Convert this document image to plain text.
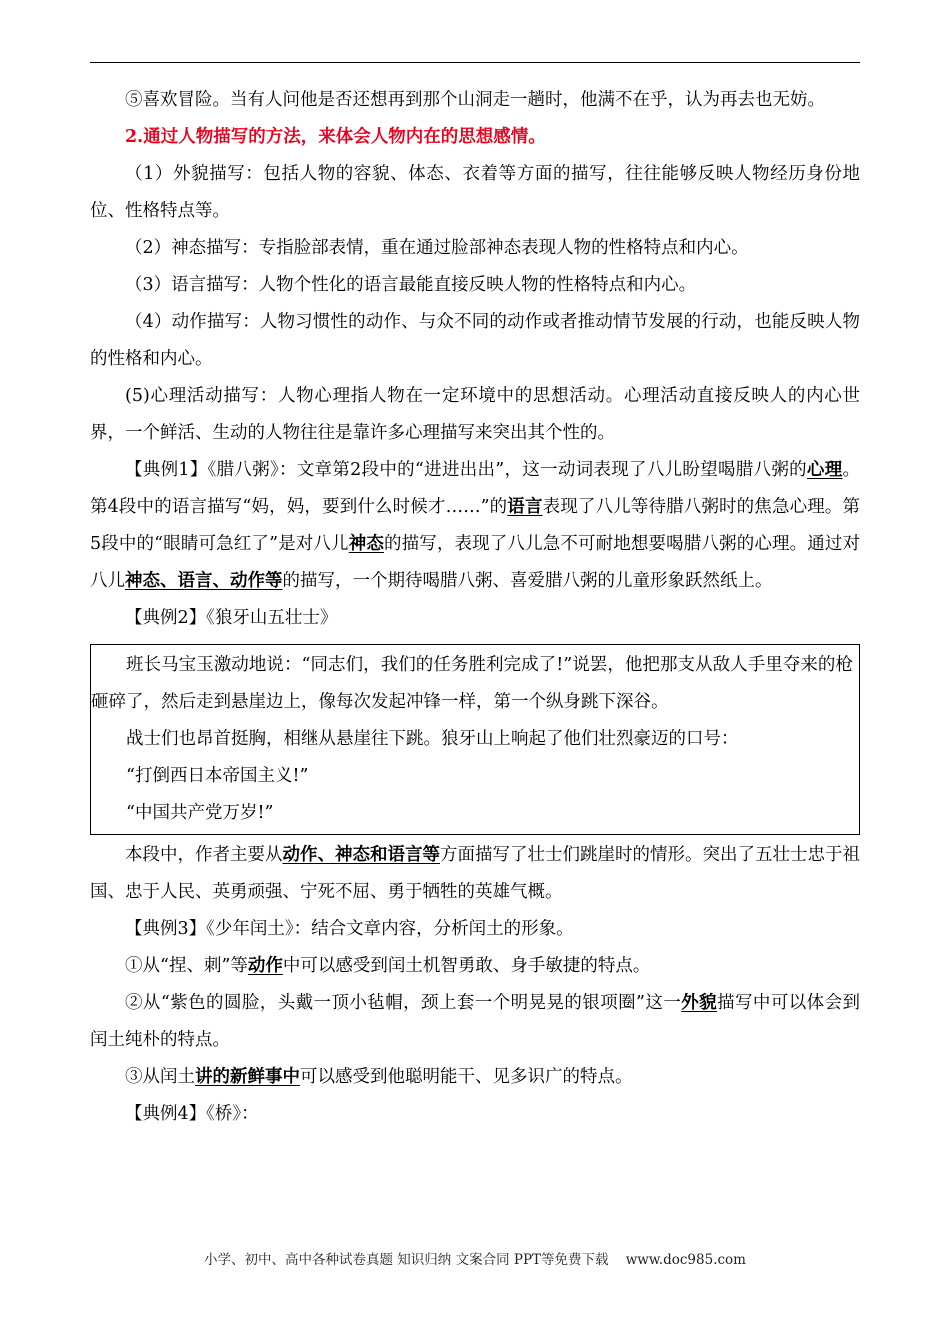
⑤喜欢冒险。当有人问他是否还想再到那个山洞走一趟时，他满不在乎，认为再去也无妨。

2.通过人物描写的方法，来体会人物内在的思想感情。

（1）外貌描写：包括人物的容貌、体态、衣着等方面的描写，往往能够反映人物经历身份地位、性格特点等。

（2）神态描写：专指脸部表情，重在通过脸部神态表现人物的性格特点和内心。

（3）语言描写：人物个性化的语言最能直接反映人物的性格特点和内心。

（4）动作描写：人物习惯性的动作、与众不同的动作或者推动情节发展的行动，也能反映人物的性格和内心。

(5)心理活动描写：人物心理指人物在一定环境中的思想活动。心理活动直接反映人的内心世界，一个鲜活、生动的人物往往是靠许多心理描写来突出其个性的。

【典例1】《腊八粥》：文章第2段中的“进进出出”，这一动词表现了八儿盼望喝腊八粥的心理。第4段中的语言描写“妈，妈，要到什么时候才……”的语言表现了八儿等待腊八粥时的焦急心理。第5段中的“眼睛可急红了”是对八儿神态的描写，表现了八儿急不可耐地想要喝腊八粥的心理。通过对八儿神态、语言、动作等的描写，一个期待喝腊八粥、喜爱腊八粥的儿童形象跃然纸上。

【典例2】《狼牙山五壮士》

班长马宝玉激动地说：“同志们，我们的任务胜利完成了!”说罢，他把那支从敌人手里夺来的枪砸碎了，然后走到悬崖边上，像每次发起冲锋一样，第一个纵身跳下深谷。

战士们也昂首挺胸，相继从悬崖往下跳。狼牙山上响起了他们壮烈豪迈的口号：

“打倒西日本帝国主义!”

“中国共产党万岁!”

本段中，作者主要从动作、神态和语言等方面描写了壮士们跳崖时的情形。突出了五壮士忠于祖国、忠于人民、英勇顽强、宁死不屈、勇于牺牲的英雄气概。

【典例3】《少年闰土》：结合文章内容，分析闰土的形象。

①从“捏、刺”等动作中可以感受到闰土机智勇敢、身手敏捷的特点。

②从“紫色的圆脸，头戴一顶小毡帽，颈上套一个明晃晃的银项圈”这一外貌描写中可以体会到闰土纯朴的特点。

③从闰土讲的新鲜事中可以感受到他聪明能干、见多识广的特点。

【典例4】《桥》：

小学、初中、高中各种试卷真题 知识归纳 文案合同 PPT等免费下载 www.doc985.com
